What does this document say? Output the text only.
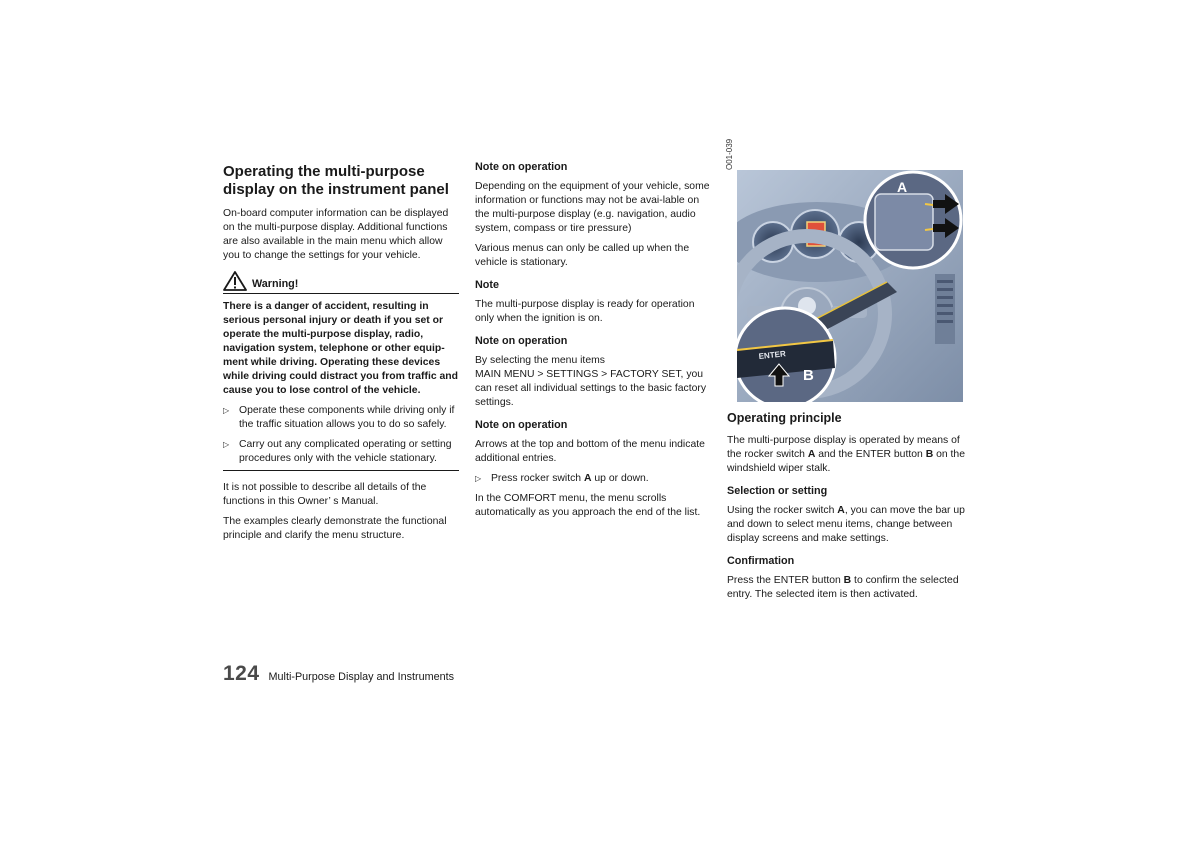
Operating the multi-purpose display on the instrument panel

On-board computer information can be displayed on the multi-purpose display. Additional functions are also available in the main menu which allow you to change the settings for your vehicle.

Warning!

There is a danger of accident, resulting in serious personal injury or death if you set or operate the multi-purpose display, radio, navigation system, telephone or other equip-ment while driving. Operating these devices while driving could distract you from traffic and cause you to lose control of the vehicle.

▷ Operate these components while driving only if the traffic situation allows you to do so safely.

▷ Carry out any complicated operating or setting procedures only with the vehicle stationary.

It is not possible to describe all details of the functions in this Owner’ s Manual.

The examples clearly demonstrate the functional principle and clarify the menu structure.

Note on operation

Depending on the equipment of your vehicle, some information or functions may not be avai-lable on the multi-purpose display (e.g. navigation, audio system, compass or tire pressure)

Various menus can only be called up when the vehicle is stationary.

Note

The multi-purpose display is ready for operation only when the ignition is on.

Note on operation

By selecting the menu items

MAIN MENU > SETTINGS > FACTORY SET, you can reset all individual settings to the basic factory settings.

Note on operation

Arrows at the top and bottom of the menu indicate additional entries.

▷ Press rocker switch A up or down.

In the COMFORT menu, the menu scrolls automatically as you approach the end of the list.

A
ENTER
B
O01-039

Operating principle

The multi-purpose display is operated by means of the rocker switch A and the ENTER button B on the windshield wiper stalk.

Selection or setting

Using the rocker switch A, you can move the bar up and down to select menu items, change between display screens and make settings.

Confirmation

Press the ENTER button B to confirm the selected entry. The selected item is then activated.

124 Multi-Purpose Display and Instruments
